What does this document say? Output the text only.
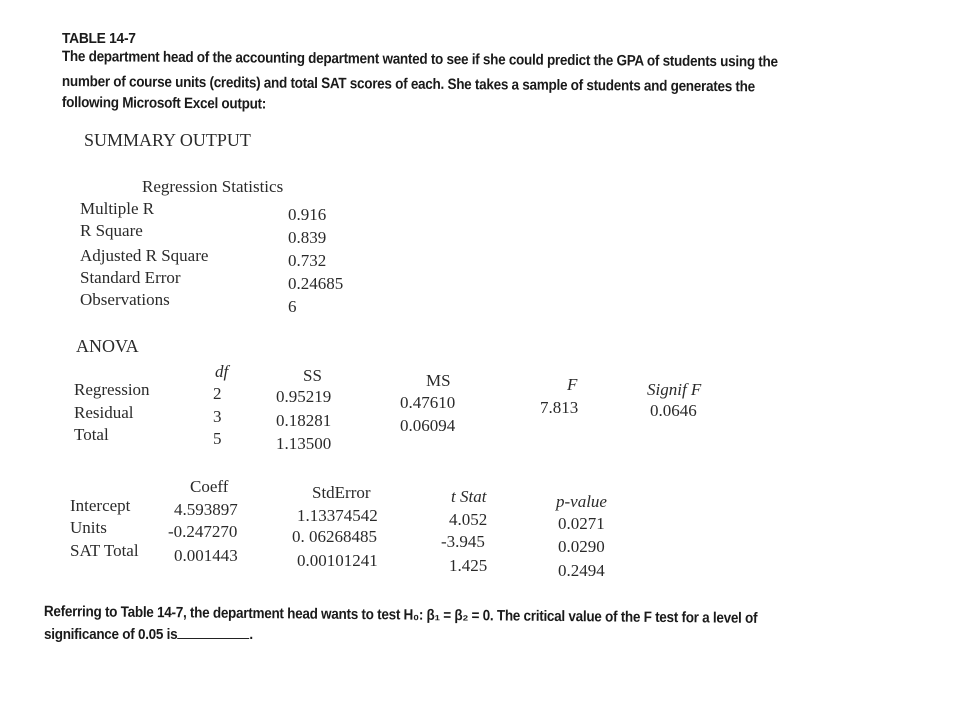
TABLE 14-7
The department head of the accounting department wanted to see if she could predict the GPA of students using the
number of course units (credits) and total SAT scores of each. She takes a sample of students and generates the
following Microsoft Excel output:
SUMMARY OUTPUT
Regression Statistics
Multiple R	0.916
R Square	0.839
Adjusted R Square	0.732
Standard Error	0.24685
Observations	6
ANOVA
df	SS	MS	F	Signif F
Regression	2	0.95219	0.47610	7.813	0.0646
Residual	3	0.18281	0.06094
Total	5	1.13500
Coeff	StdError	t Stat	p-value
Intercept	4.593897	1.13374542	4.052	0.0271
Units	-0.247270	0. 06268485	-3.945	0.0290
SAT Total 0.001443	0.00101241	1.425	0.2494
Referring to Table 14-7, the department head wants to test H₀: β₁ = β₂ = 0. The critical value of the F test for a level of
significance of 0.05 is	.
